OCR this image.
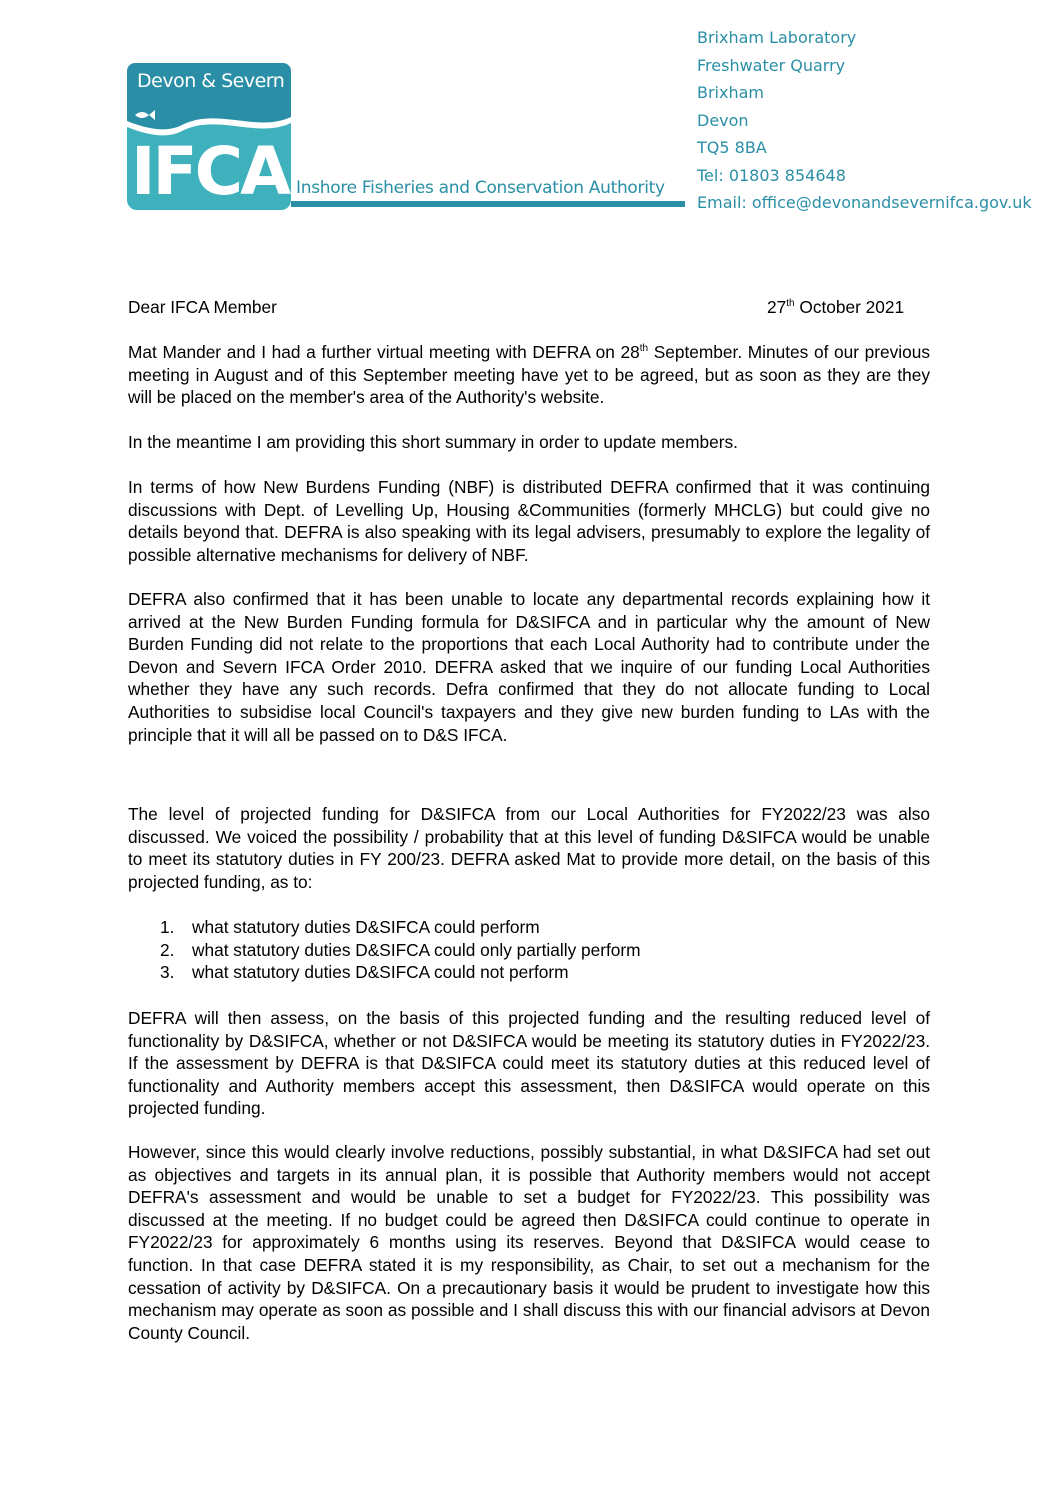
Devon & Severn
IFCA Inshore Fisheries and Conservation Authority
Brixham Laboratory
Freshwater Quarry
Brixham
Devon
TQ5 8BA
Tel: 01803 854648
Email: office@devonandsevernifca.gov.uk
Dear IFCA Member	27th October 2021

Mat Mander and I had a further virtual meeting with DEFRA on 28th September. Minutes of our previous meeting in August and of this September meeting have yet to be agreed, but as soon as they are they will be placed on the member's area of the Authority's website.

In the meantime I am providing this short summary in order to update members.

In terms of how New Burdens Funding (NBF) is distributed DEFRA confirmed that it was continuing discussions with Dept. of Levelling Up, Housing &Communities (formerly MHCLG) but could give no details beyond that. DEFRA is also speaking with its legal advisers, presumably to explore the legality of possible alternative mechanisms for delivery of NBF.

DEFRA also confirmed that it has been unable to locate any departmental records explaining how it arrived at the New Burden Funding formula for D&SIFCA and in particular why the amount of New Burden Funding did not relate to the proportions that each Local Authority had to contribute under the Devon and Severn IFCA Order 2010. DEFRA asked that we inquire of our funding Local Authorities whether they have any such records. Defra confirmed that they do not allocate funding to Local Authorities to subsidise local Council's taxpayers and they give new burden funding to LAs with the principle that it will all be passed on to D&S IFCA.

The level of projected funding for D&SIFCA from our Local Authorities for FY2022/23 was also discussed. We voiced the possibility / probability that at this level of funding D&SIFCA would be unable to meet its statutory duties in FY 200/23. DEFRA asked Mat to provide more detail, on the basis of this projected funding, as to:

1.	what statutory duties D&SIFCA could perform
2.	what statutory duties D&SIFCA could only partially perform
3.	what statutory duties D&SIFCA could not perform

DEFRA will then assess, on the basis of this projected funding and the resulting reduced level of functionality by D&SIFCA, whether or not D&SIFCA would be meeting its statutory duties in FY2022/23. If the assessment by DEFRA is that D&SIFCA could meet its statutory duties at this reduced level of functionality and Authority members accept this assessment, then D&SIFCA would operate on this projected funding.

However, since this would clearly involve reductions, possibly substantial, in what D&SIFCA had set out as objectives and targets in its annual plan, it is possible that Authority members would not accept DEFRA's assessment and would be unable to set a budget for FY2022/23. This possibility was discussed at the meeting. If no budget could be agreed then D&SIFCA could continue to operate in FY2022/23 for approximately 6 months using its reserves. Beyond that D&SIFCA would cease to function. In that case DEFRA stated it is my responsibility, as Chair, to set out a mechanism for the cessation of activity by D&SIFCA. On a precautionary basis it would be prudent to investigate how this mechanism may operate as soon as possible and I shall discuss this with our financial advisors at Devon County Council.
